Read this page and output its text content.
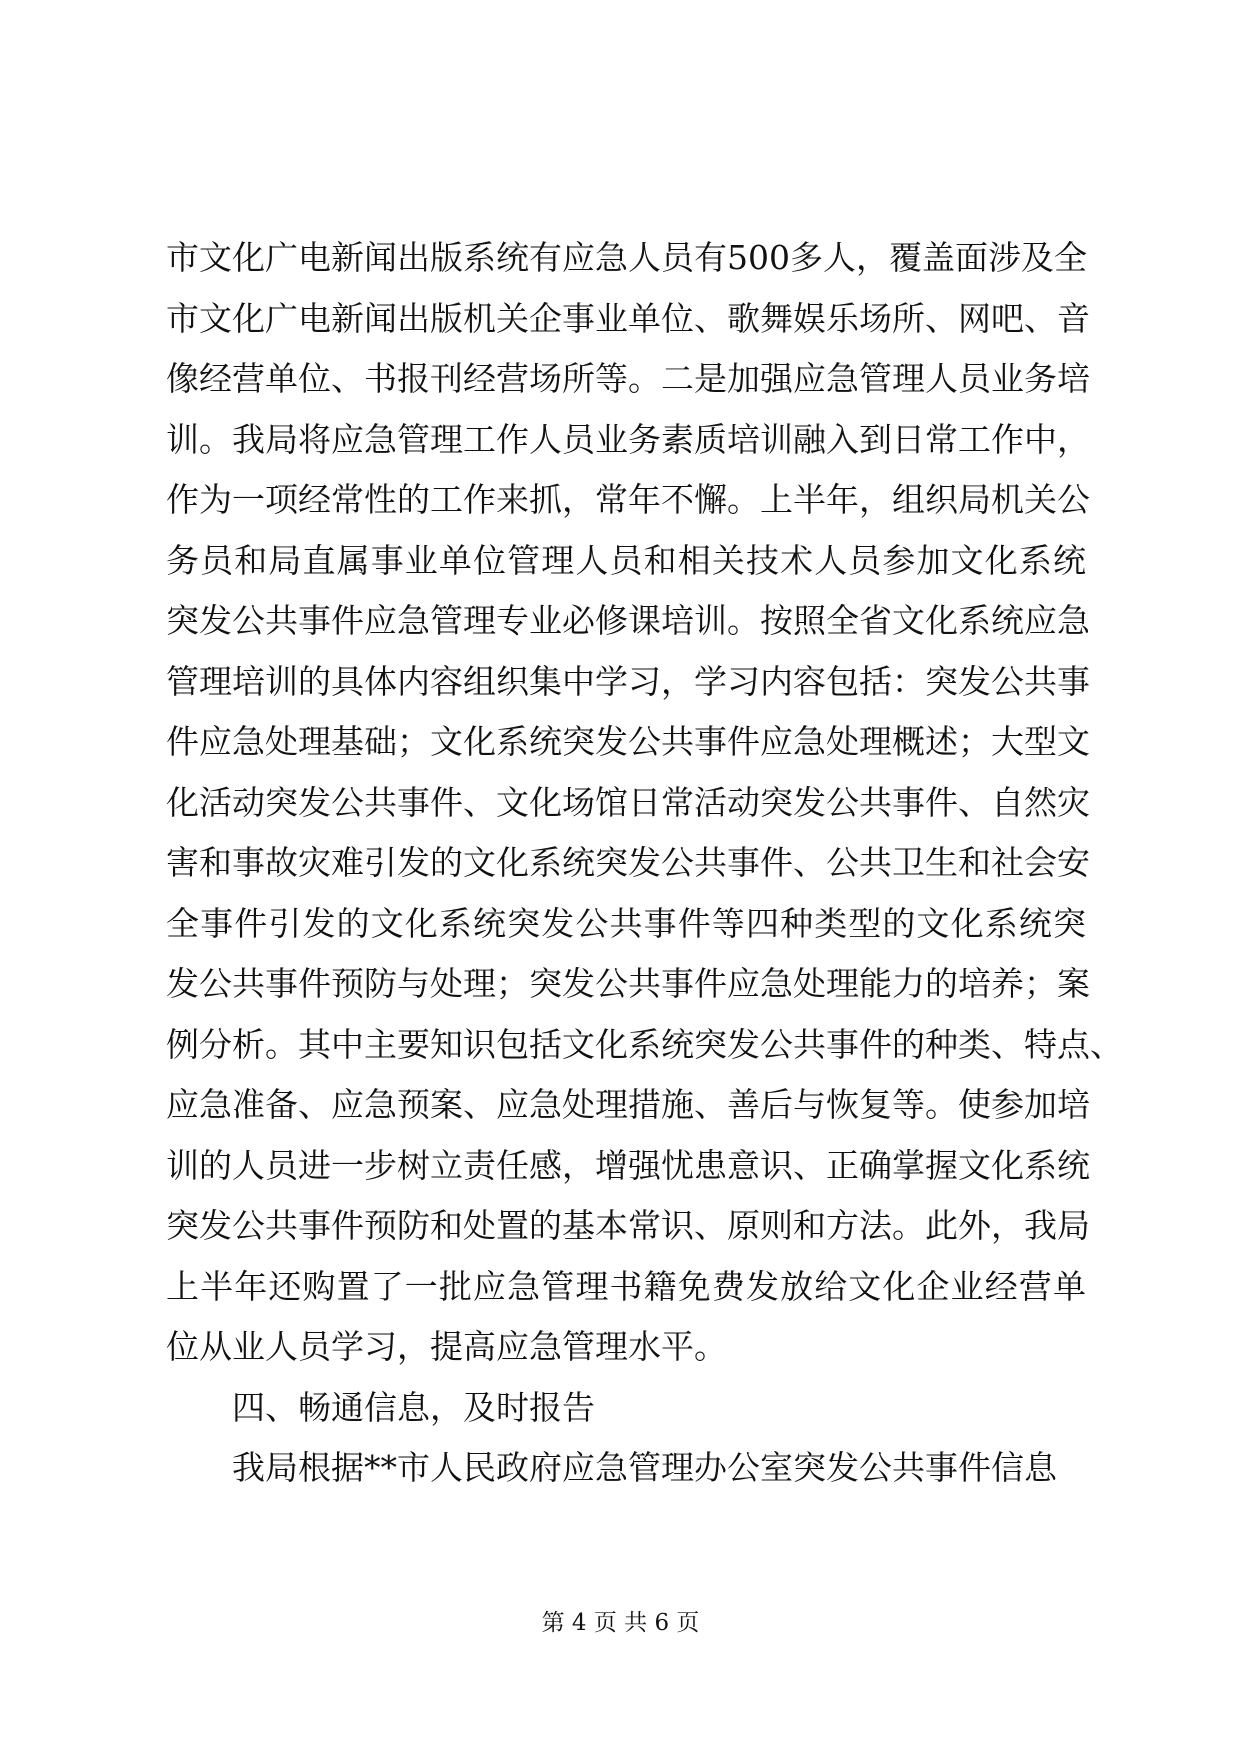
市文化广电新闻出版系统有应急人员有500多人，覆盖面涉及全
市文化广电新闻出版机关企事业单位、歌舞娱乐场所、网吧、音
像经营单位、书报刊经营场所等。二是加强应急管理人员业务培
训。我局将应急管理工作人员业务素质培训融入到日常工作中，
作为一项经常性的工作来抓，常年不懈。上半年，组织局机关公
务员和局直属事业单位管理人员和相关技术人员参加文化系统
突发公共事件应急管理专业必修课培训。按照全省文化系统应急
管理培训的具体内容组织集中学习，学习内容包括：突发公共事
件应急处理基础；文化系统突发公共事件应急处理概述；大型文
化活动突发公共事件、文化场馆日常活动突发公共事件、自然灾
害和事故灾难引发的文化系统突发公共事件、公共卫生和社会安
全事件引发的文化系统突发公共事件等四种类型的文化系统突
发公共事件预防与处理；突发公共事件应急处理能力的培养；案
例分析。其中主要知识包括文化系统突发公共事件的种类、特点、
应急准备、应急预案、应急处理措施、善后与恢复等。使参加培
训的人员进一步树立责任感，增强忧患意识、正确掌握文化系统
突发公共事件预防和处置的基本常识、原则和方法。此外，我局
上半年还购置了一批应急管理书籍免费发放给文化企业经营单
位从业人员学习，提高应急管理水平。
四、畅通信息，及时报告
我局根据**市人民政府应急管理办公室突发公共事件信息
第 4 页 共 6 页
